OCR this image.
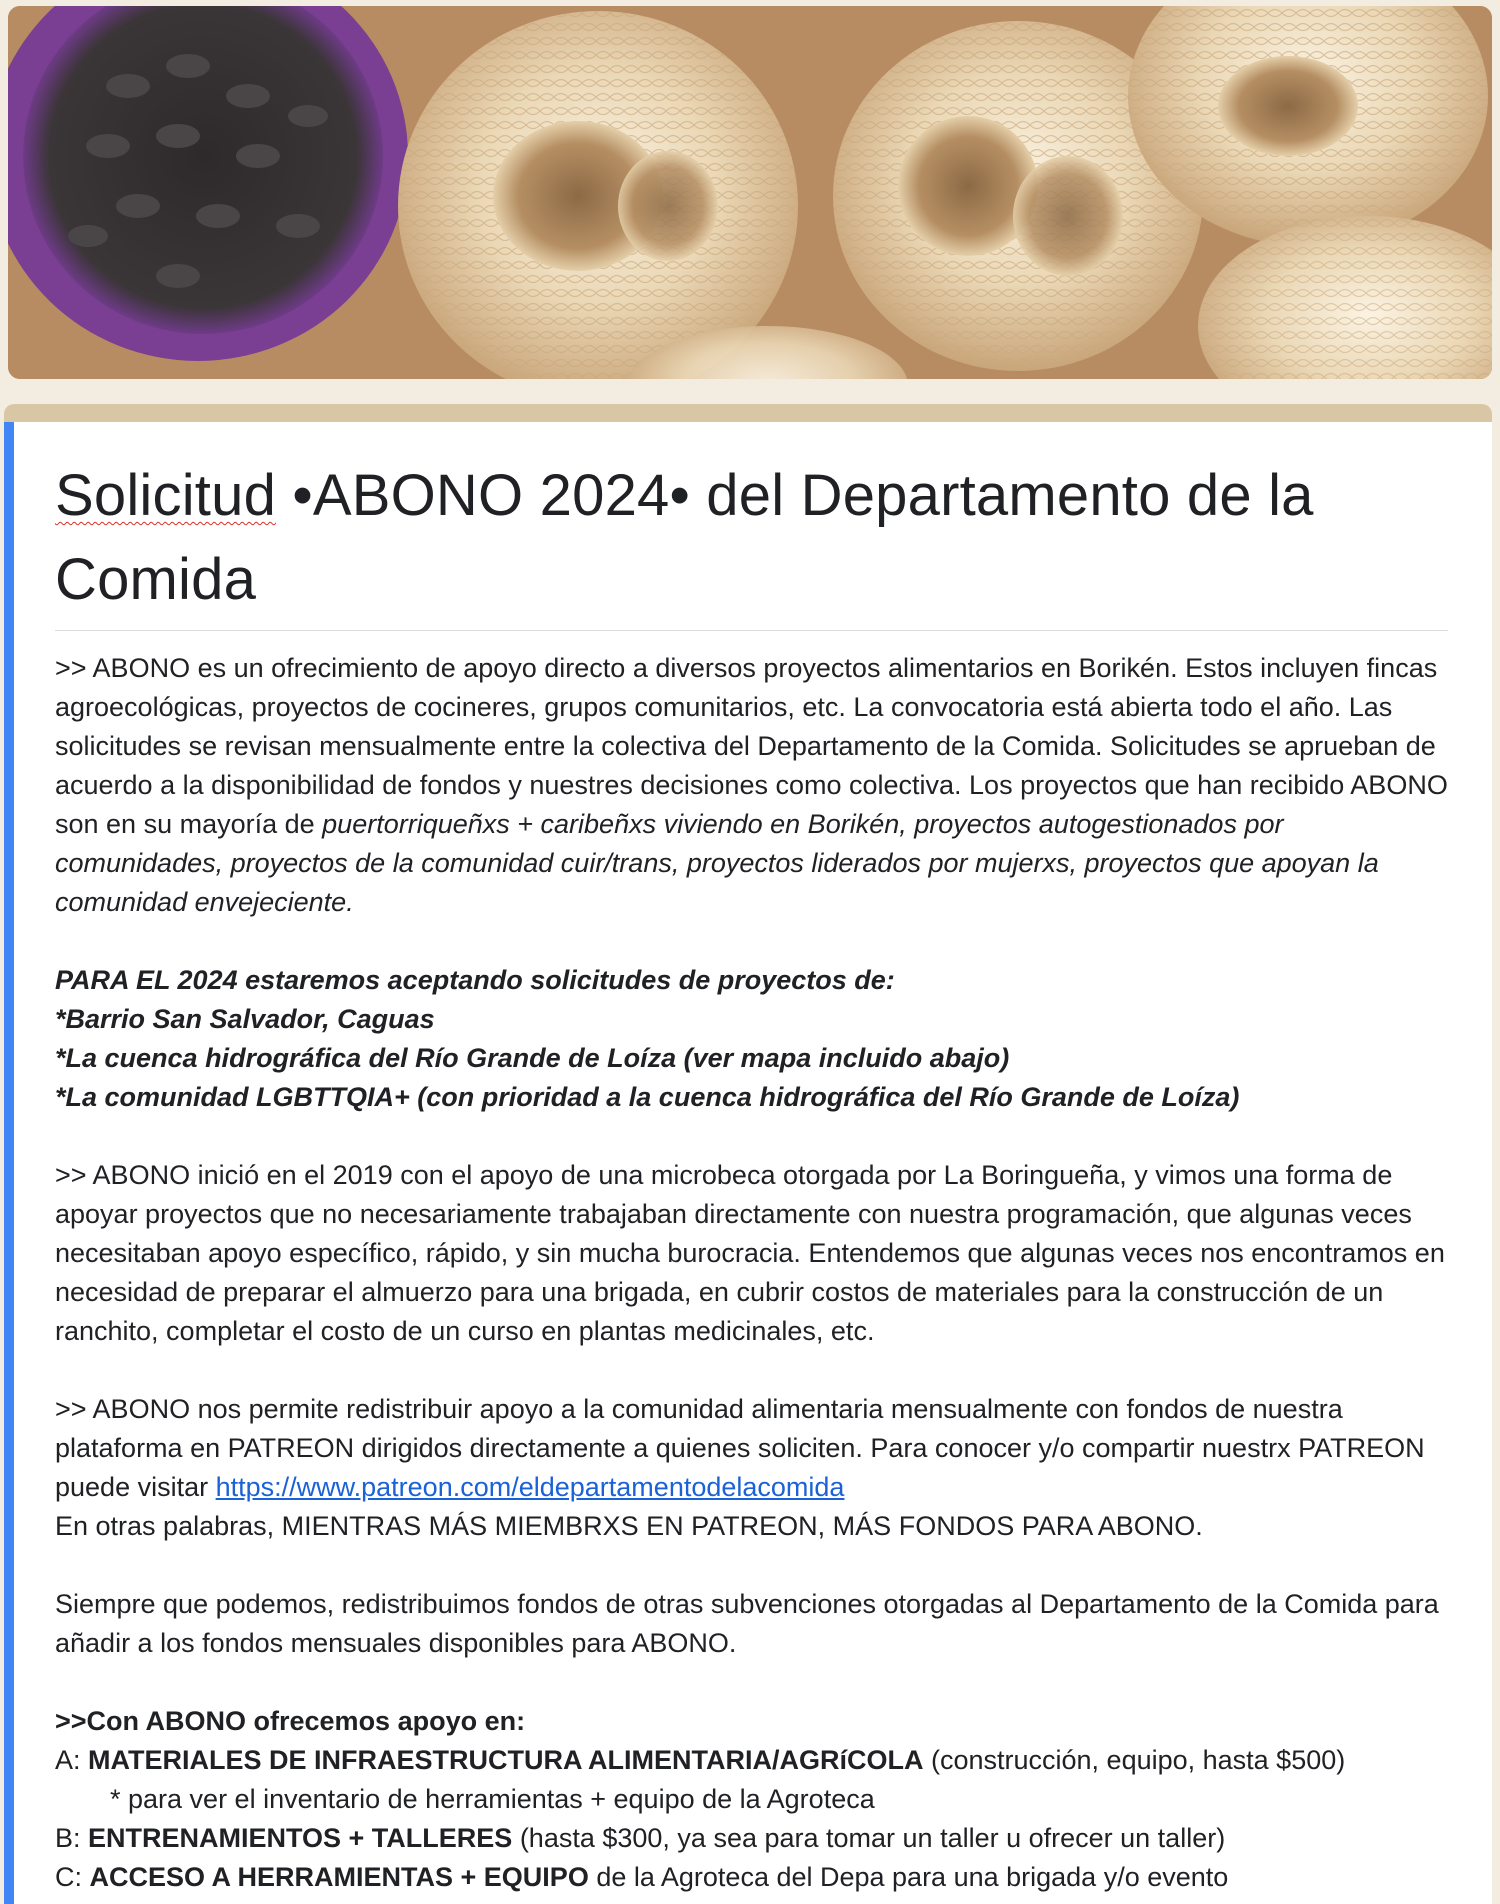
Solicitud •ABONO 2024• del Departamento de la Comida

>> ABONO es un ofrecimiento de apoyo directo a diversos proyectos alimentarios en Borikén. Estos incluyen fincas agroecológicas, proyectos de cocineres, grupos comunitarios, etc. La convocatoria está abierta todo el año. Las solicitudes se revisan mensualmente entre la colectiva del Departamento de la Comida. Solicitudes se aprueban de acuerdo a la disponibilidad de fondos y nuestres decisiones como colectiva. Los proyectos que han recibido ABONO son en su mayoría de puertorriqueñxs + caribeñxs viviendo en Borikén, proyectos autogestionados por comunidades, proyectos de la comunidad cuir/trans, proyectos liderados por mujerxs, proyectos que apoyan la comunidad envejeciente.

PARA EL 2024 estaremos aceptando solicitudes de proyectos de:

*Barrio San Salvador, Caguas

*La cuenca hidrográfica del Río Grande de Loíza (ver mapa incluido abajo)

*La comunidad LGBTTQIA+ (con prioridad a la cuenca hidrográfica del Río Grande de Loíza)

>> ABONO inició en el 2019 con el apoyo de una microbeca otorgada por La Boringueña, y vimos una forma de apoyar proyectos que no necesariamente trabajaban directamente con nuestra programación, que algunas veces necesitaban apoyo específico, rápido, y sin mucha burocracia. Entendemos que algunas veces nos encontramos en necesidad de preparar el almuerzo para una brigada, en cubrir costos de materiales para la construcción de un ranchito, completar el costo de un curso en plantas medicinales, etc.

>> ABONO nos permite redistribuir apoyo a la comunidad alimentaria mensualmente con fondos de nuestra plataforma en PATREON dirigidos directamente a quienes soliciten. Para conocer y/o compartir nuestrx PATREON puede visitar https://www.patreon.com/eldepartamentodelacomida

En otras palabras, MIENTRAS MÁS MIEMBRXS EN PATREON, MÁS FONDOS PARA ABONO.

Siempre que podemos, redistribuimos fondos de otras subvenciones otorgadas al Departamento de la Comida para añadir a los fondos mensuales disponibles para ABONO.

>>Con ABONO ofrecemos apoyo en:

A: MATERIALES DE INFRAESTRUCTURA ALIMENTARIA/AGRíCOLA (construcción, equipo, hasta $500)

* para ver el inventario de herramientas + equipo de la Agroteca

B: ENTRENAMIENTOS + TALLERES (hasta $300, ya sea para tomar un taller u ofrecer un taller)

C: ACCESO A HERRAMIENTAS + EQUIPO de la Agroteca del Depa para una brigada y/o evento
